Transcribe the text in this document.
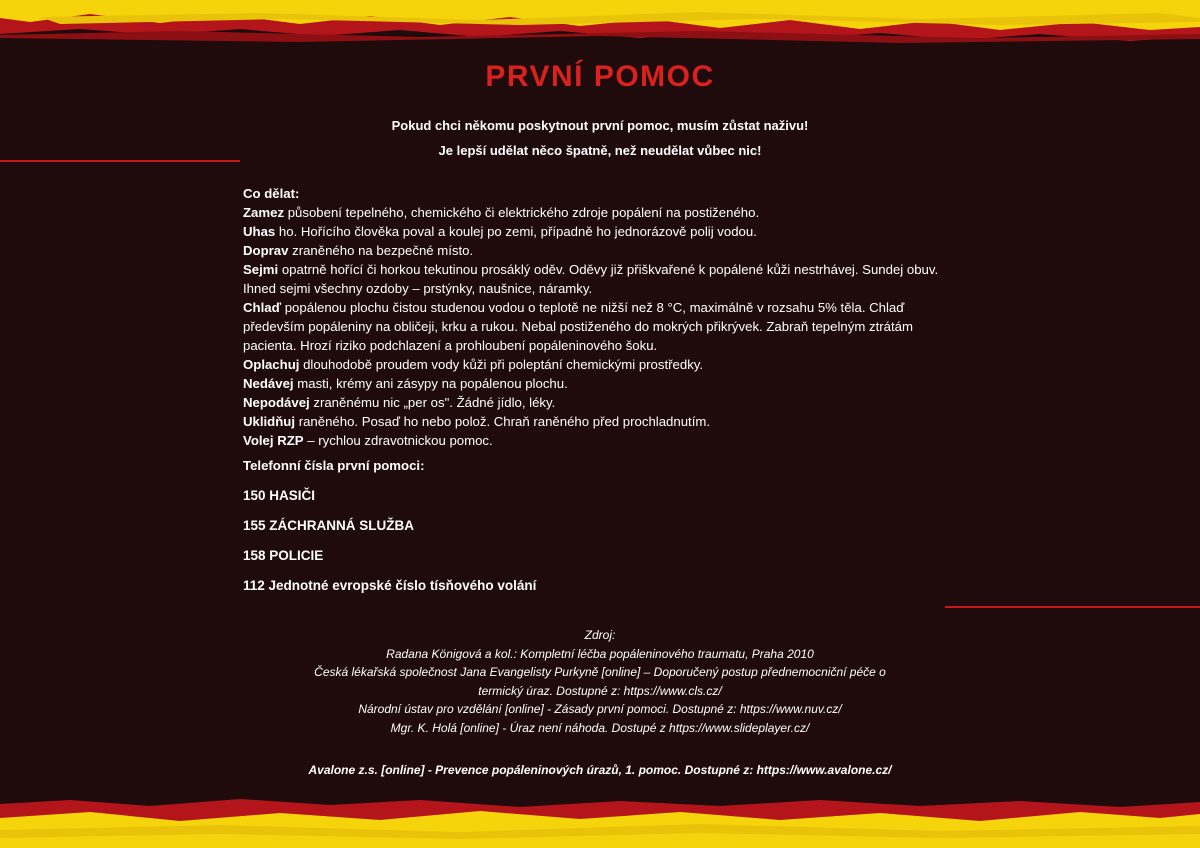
PRVNÍ POMOC

Pokud chci někomu poskytnout první pomoc, musím zůstat naživu!

Je lepší udělat něco špatně, než neudělat vůbec nic!

Co dělat:

Zamez působení tepelného, chemického či elektrického zdroje popálení na postiženého.

Uhas ho. Hořícího člověka poval a koulej po zemi, případně ho jednorázově polij vodou.

Doprav zraněného na bezpečné místo.

Sejmi opatrně hořící či horkou tekutinou prosáklý oděv. Oděvy již přiškvařené k popálené kůži nestrhávej. Sundej obuv. Ihned sejmi všechny ozdoby – prstýnky, naušnice, náramky.

Chlaď popálenou plochu čistou studenou vodou o teplotě ne nižší než 8 °C, maximálně v rozsahu 5% těla. Chlaď především popáleniny na obličeji, krku a rukou. Nebal postiženého do mokrých přikrývek. Zabraň tepelným ztrátám pacienta. Hrozí riziko podchlazení a prohloubení popáleninového šoku.

Oplachuj dlouhodobě proudem vody kůži při poleptání chemickými prostředky.

Nedávej masti, krémy ani zásypy na popálenou plochu.

Nepodávej zraněnému nic „per os". Žádné jídlo, léky.

Uklidňuj raněného. Posaď ho nebo polož. Chraň raněného před prochladnutím.

Volej RZP – rychlou zdravotnickou pomoc.

Telefonní čísla první pomoci:

150 HASIČI

155 ZÁCHRANNÁ SLUŽBA

158 POLICIE

112 Jednotné evropské číslo tísňového volání

Zdroj:

Radana Königová a kol.: Kompletní léčba popáleninového traumatu, Praha 2010

Česká lékařská společnost Jana Evangelisty Purkyně [online] – Doporučený postup přednemocniční péče o

termický úraz. Dostupné z: https://www.cls.cz/

Národní ústav pro vzdělání [online] - Zásady první pomoci. Dostupné z: https://www.nuv.cz/

Mgr. K. Holá [online] - Úraz není náhoda. Dostupé z https://www.slideplayer.cz/

Avalone z.s. [online] - Prevence popáleninových úrazů, 1. pomoc. Dostupné z: https://www.avalone.cz/
